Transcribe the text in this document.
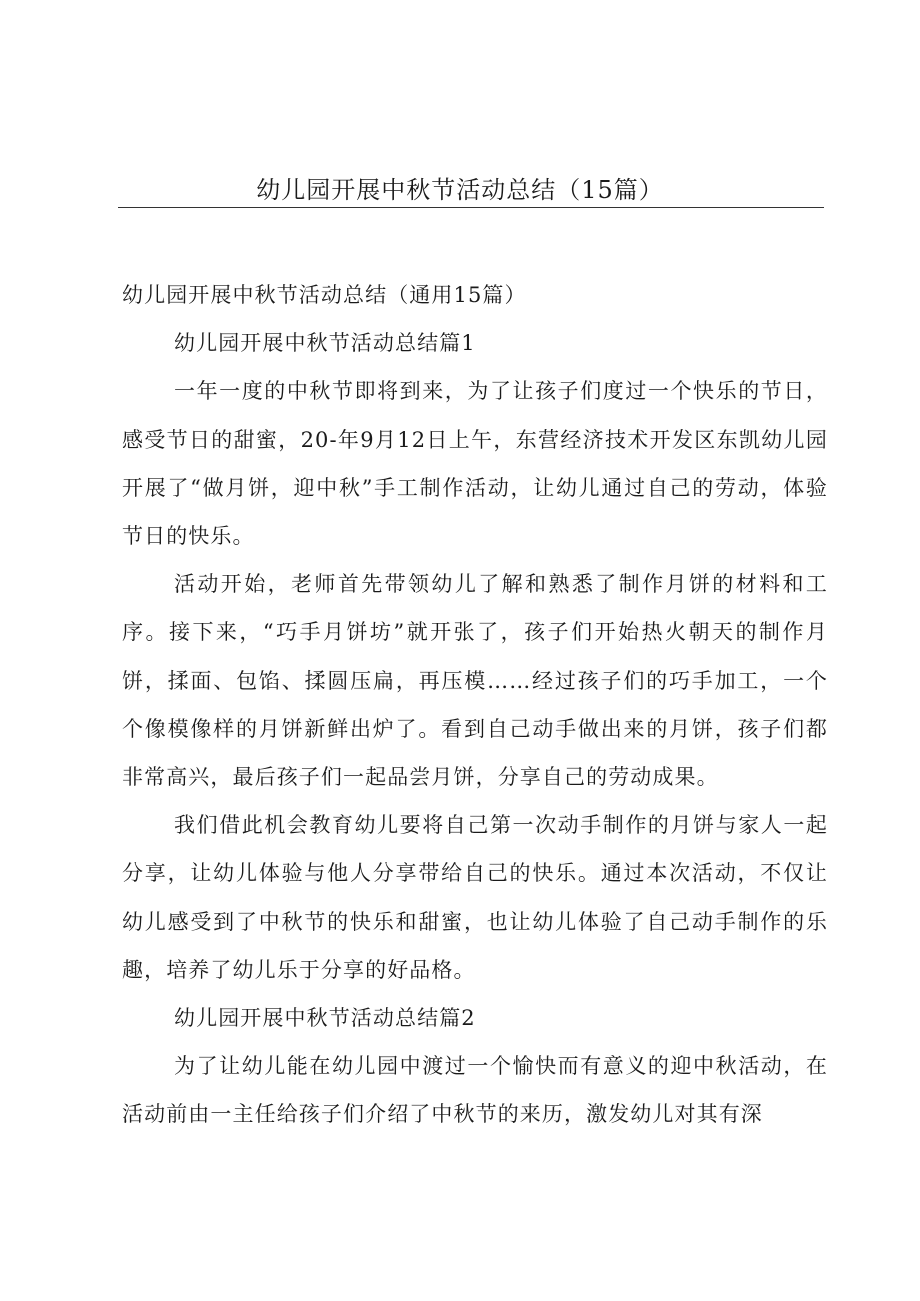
幼儿园开展中秋节活动总结（15篇）

幼儿园开展中秋节活动总结（通用15篇）

幼儿园开展中秋节活动总结篇1

一年一度的中秋节即将到来，为了让孩子们度过一个快乐的节日，感受节日的甜蜜，20-年9月12日上午，东营经济技术开发区东凯幼儿园开展了“做月饼，迎中秋”手工制作活动，让幼儿通过自己的劳动，体验节日的快乐。

活动开始，老师首先带领幼儿了解和熟悉了制作月饼的材料和工序。接下来，“巧手月饼坊”就开张了，孩子们开始热火朝天的制作月饼，揉面、包馅、揉圆压扁，再压模……经过孩子们的巧手加工，一个个像模像样的月饼新鲜出炉了。看到自己动手做出来的月饼，孩子们都非常高兴，最后孩子们一起品尝月饼，分享自己的劳动成果。

我们借此机会教育幼儿要将自己第一次动手制作的月饼与家人一起分享，让幼儿体验与他人分享带给自己的快乐。通过本次活动，不仅让幼儿感受到了中秋节的快乐和甜蜜，也让幼儿体验了自己动手制作的乐趣，培养了幼儿乐于分享的好品格。

幼儿园开展中秋节活动总结篇2

为了让幼儿能在幼儿园中渡过一个愉快而有意义的迎中秋活动，在活动前由一主任给孩子们介绍了中秋节的来历，激发幼儿对其有深
